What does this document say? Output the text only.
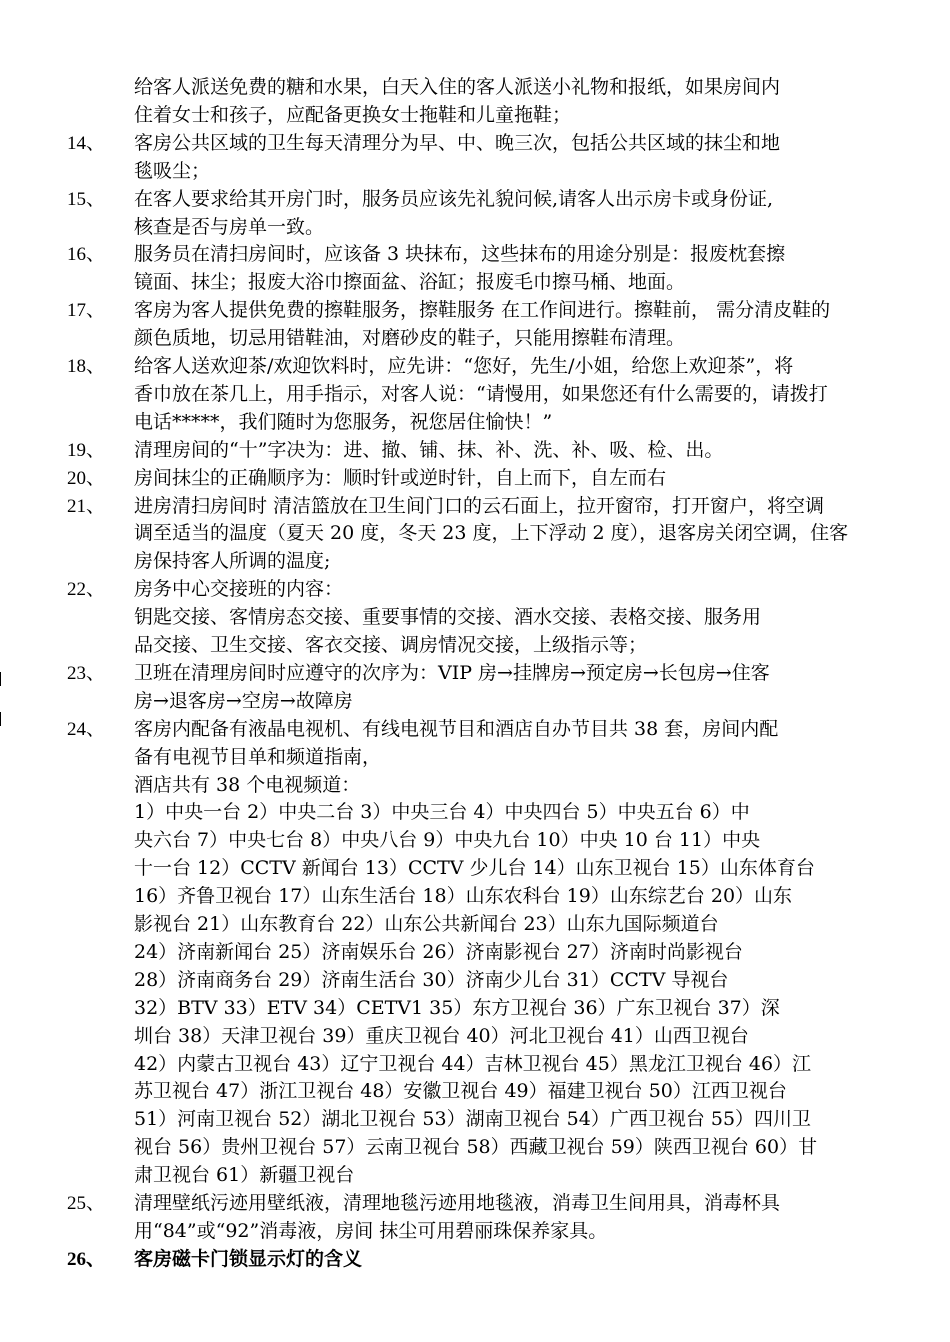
给客人派送免费的糖和水果，白天入住的客人派送小礼物和报纸，如果房间内
住着女士和孩子，应配备更换女士拖鞋和儿童拖鞋；
14、 客房公共区域的卫生每天清理分为早、中、晚三次，包括公共区域的抹尘和地
毯吸尘；
15、 在客人要求给其开房门时，服务员应该先礼貌问候,请客人出示房卡或身份证,
核查是否与房单一致。
16、 服务员在清扫房间时，应该备 3 块抹布，这些抹布的用途分别是：报废枕套擦
镜面、抹尘；报废大浴巾擦面盆、浴缸；报废毛巾擦马桶、地面。
17、 客房为客人提供免费的擦鞋服务，擦鞋服务 在工作间进行。擦鞋前， 需分清皮鞋的
颜色质地，切忌用错鞋油，对磨砂皮的鞋子，只能用擦鞋布清理。
18、 给客人送欢迎茶/欢迎饮料时，应先讲：“您好，先生/小姐，给您上欢迎茶”，将
香巾放在茶几上，用手指示，对客人说：“请慢用，如果您还有什么需要的，请拨打
电话*****，我们随时为您服务，祝您居住愉快！”
19、 清理房间的“十”字决为：进、撤、铺、抹、补、洗、补、吸、检、出。
20、 房间抹尘的正确顺序为：顺时针或逆时针，自上而下，自左而右
21、 进房清扫房间时 清洁篮放在卫生间门口的云石面上，拉开窗帘，打开窗户，将空调
调至适当的温度（夏天 20 度，冬天 23 度，上下浮动 2 度），退客房关闭空调，住客
房保持客人所调的温度;
22、 房务中心交接班的内容：
钥匙交接、客情房态交接、重要事情的交接、酒水交接、表格交接、服务用
品交接、卫生交接、客衣交接、调房情况交接，上级指示等；
23、 卫班在清理房间时应遵守的次序为：VIP 房→挂牌房→预定房→长包房→住客
房→退客房→空房→故障房
24、 客房内配备有液晶电视机、有线电视节目和酒店自办节目共 38 套，房间内配
备有电视节目单和频道指南，
酒店共有 38 个电视频道：
1）中央一台 2）中央二台 3）中央三台 4）中央四台 5）中央五台 6）中
央六台 7）中央七台 8）中央八台 9）中央九台 10）中央 10 台 11）中央
十一台 12）CCTV 新闻台 13）CCTV 少儿台 14）山东卫视台 15）山东体育台
16）齐鲁卫视台 17）山东生活台 18）山东农科台 19）山东综艺台 20）山东
影视台 21）山东教育台 22）山东公共新闻台 23）山东九国际频道台
24）济南新闻台 25）济南娱乐台 26）济南影视台 27）济南时尚影视台
28）济南商务台 29）济南生活台 30）济南少儿台 31）CCTV 导视台
32）BTV 33）ETV 34）CETV1 35）东方卫视台 36）广东卫视台 37）深
圳台 38）天津卫视台 39）重庆卫视台 40）河北卫视台 41）山西卫视台
42）内蒙古卫视台 43）辽宁卫视台 44）吉林卫视台 45）黑龙江卫视台 46）江
苏卫视台 47）浙江卫视台 48）安徽卫视台 49）福建卫视台 50）江西卫视台
51）河南卫视台 52）湖北卫视台 53）湖南卫视台 54）广西卫视台 55）四川卫
视台 56）贵州卫视台 57）云南卫视台 58）西藏卫视台 59）陕西卫视台 60）甘
肃卫视台 61）新疆卫视台
25、 清理壁纸污迹用壁纸液，清理地毯污迹用地毯液，消毒卫生间用具，消毒杯具
用“84”或“92”消毒液，房间 抹尘可用碧丽珠保养家具。
26、 客房磁卡门锁显示灯的含义
